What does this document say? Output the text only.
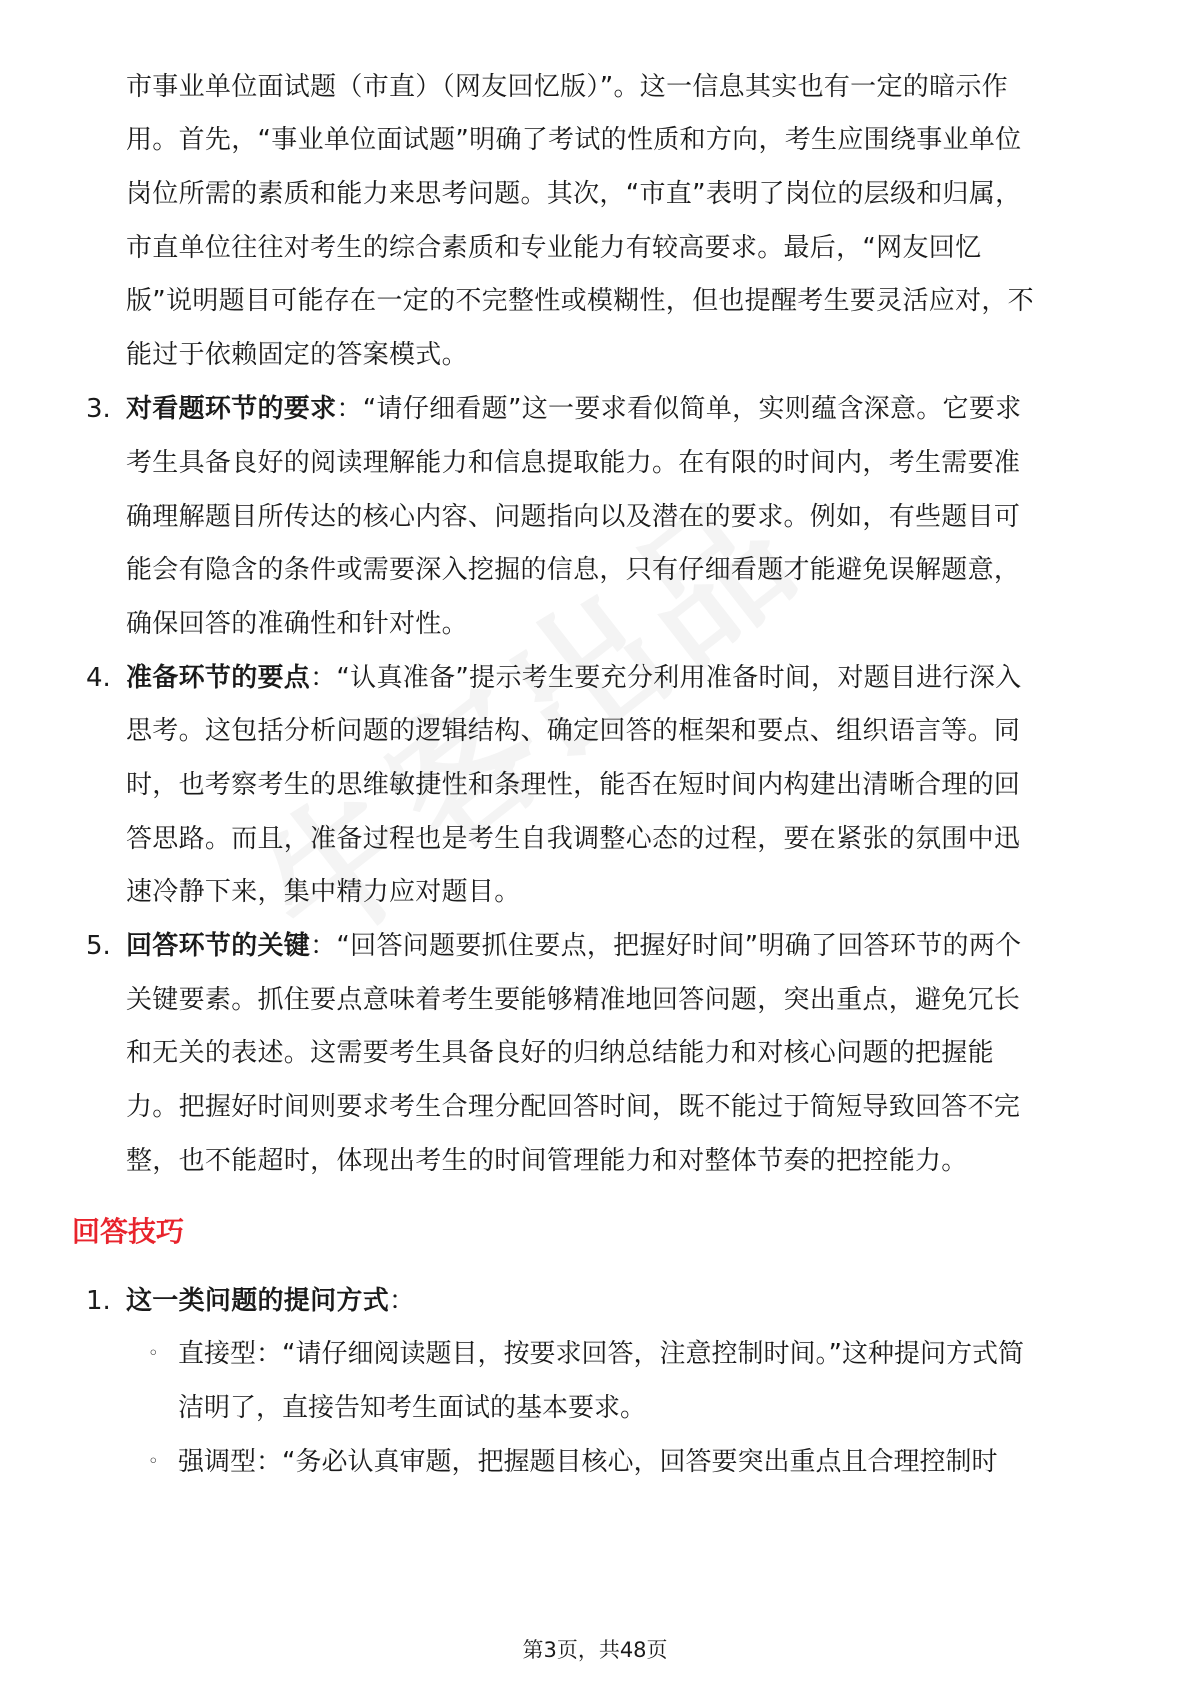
市事业单位面试题（市直）（网友回忆版）”。这一信息其实也有一定的暗示作
用。首先，“事业单位面试题”明确了考试的性质和方向，考生应围绕事业单位
岗位所需的素质和能力来思考问题。其次，“市直”表明了岗位的层级和归属，
市直单位往往对考生的综合素质和专业能力有较高要求。最后，“网友回忆
版”说明题目可能存在一定的不完整性或模糊性，但也提醒考生要灵活应对，不
能过于依赖固定的答案模式。
3. 对看题环节的要求：“请仔细看题”这一要求看似简单，实则蕴含深意。它要求
考生具备良好的阅读理解能力和信息提取能力。在有限的时间内，考生需要准
确理解题目所传达的核心内容、问题指向以及潜在的要求。例如，有些题目可
能会有隐含的条件或需要深入挖掘的信息，只有仔细看题才能避免误解题意，
确保回答的准确性和针对性。
4. 准备环节的要点：“认真准备”提示考生要充分利用准备时间，对题目进行深入
思考。这包括分析问题的逻辑结构、确定回答的框架和要点、组织语言等。同
时，也考察考生的思维敏捷性和条理性，能否在短时间内构建出清晰合理的回
答思路。而且，准备过程也是考生自我调整心态的过程，要在紧张的氛围中迅
速冷静下来，集中精力应对题目。
5. 回答环节的关键：“回答问题要抓住要点，把握好时间”明确了回答环节的两个
关键要素。抓住要点意味着考生要能够精准地回答问题，突出重点，避免冗长
和无关的表述。这需要考生具备良好的归纳总结能力和对核心问题的把握能
力。把握好时间则要求考生合理分配回答时间，既不能过于简短导致回答不完
整，也不能超时，体现出考生的时间管理能力和对整体节奏的把控能力。
回答技巧
1. 这一类问题的提问方式：
◦ 直接型：“请仔细阅读题目，按要求回答，注意控制时间。”这种提问方式简
洁明了，直接告知考生面试的基本要求。
◦ 强调型：“务必认真审题，把握题目核心，回答要突出重点且合理控制时
第3页，共48页
